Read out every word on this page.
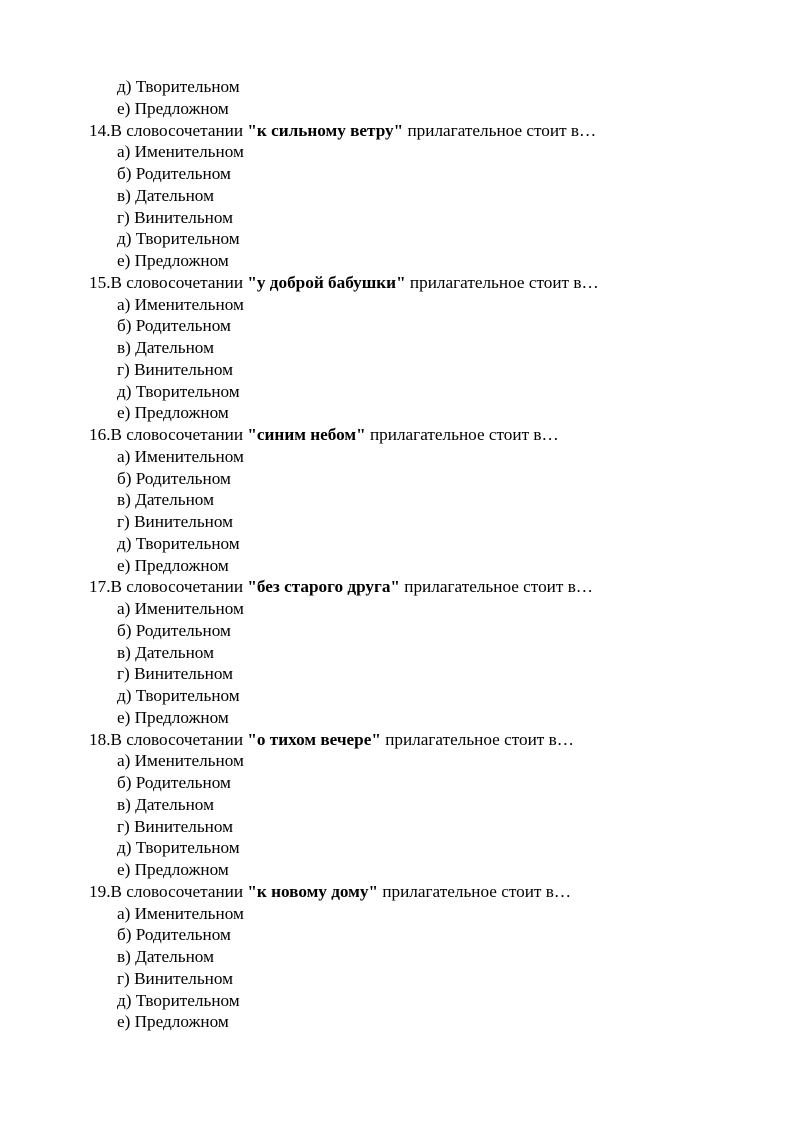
д) Творительном
е) Предложном
14.В словосочетании "к сильному ветру" прилагательное стоит в…
а) Именительном
б) Родительном
в) Дательном
г) Винительном
д) Творительном
е) Предложном
15.В словосочетании "у доброй бабушки" прилагательное стоит в…
а) Именительном
б) Родительном
в) Дательном
г) Винительном
д) Творительном
е) Предложном
16.В словосочетании "синим небом" прилагательное стоит в…
а) Именительном
б) Родительном
в) Дательном
г) Винительном
д) Творительном
е) Предложном
17.В словосочетании "без старого друга" прилагательное стоит в…
а) Именительном
б) Родительном
в) Дательном
г) Винительном
д) Творительном
е) Предложном
18.В словосочетании "о тихом вечере" прилагательное стоит в…
а) Именительном
б) Родительном
в) Дательном
г) Винительном
д) Творительном
е) Предложном
19.В словосочетании "к новому дому" прилагательное стоит в…
а) Именительном
б) Родительном
в) Дательном
г) Винительном
д) Творительном
е) Предложном
